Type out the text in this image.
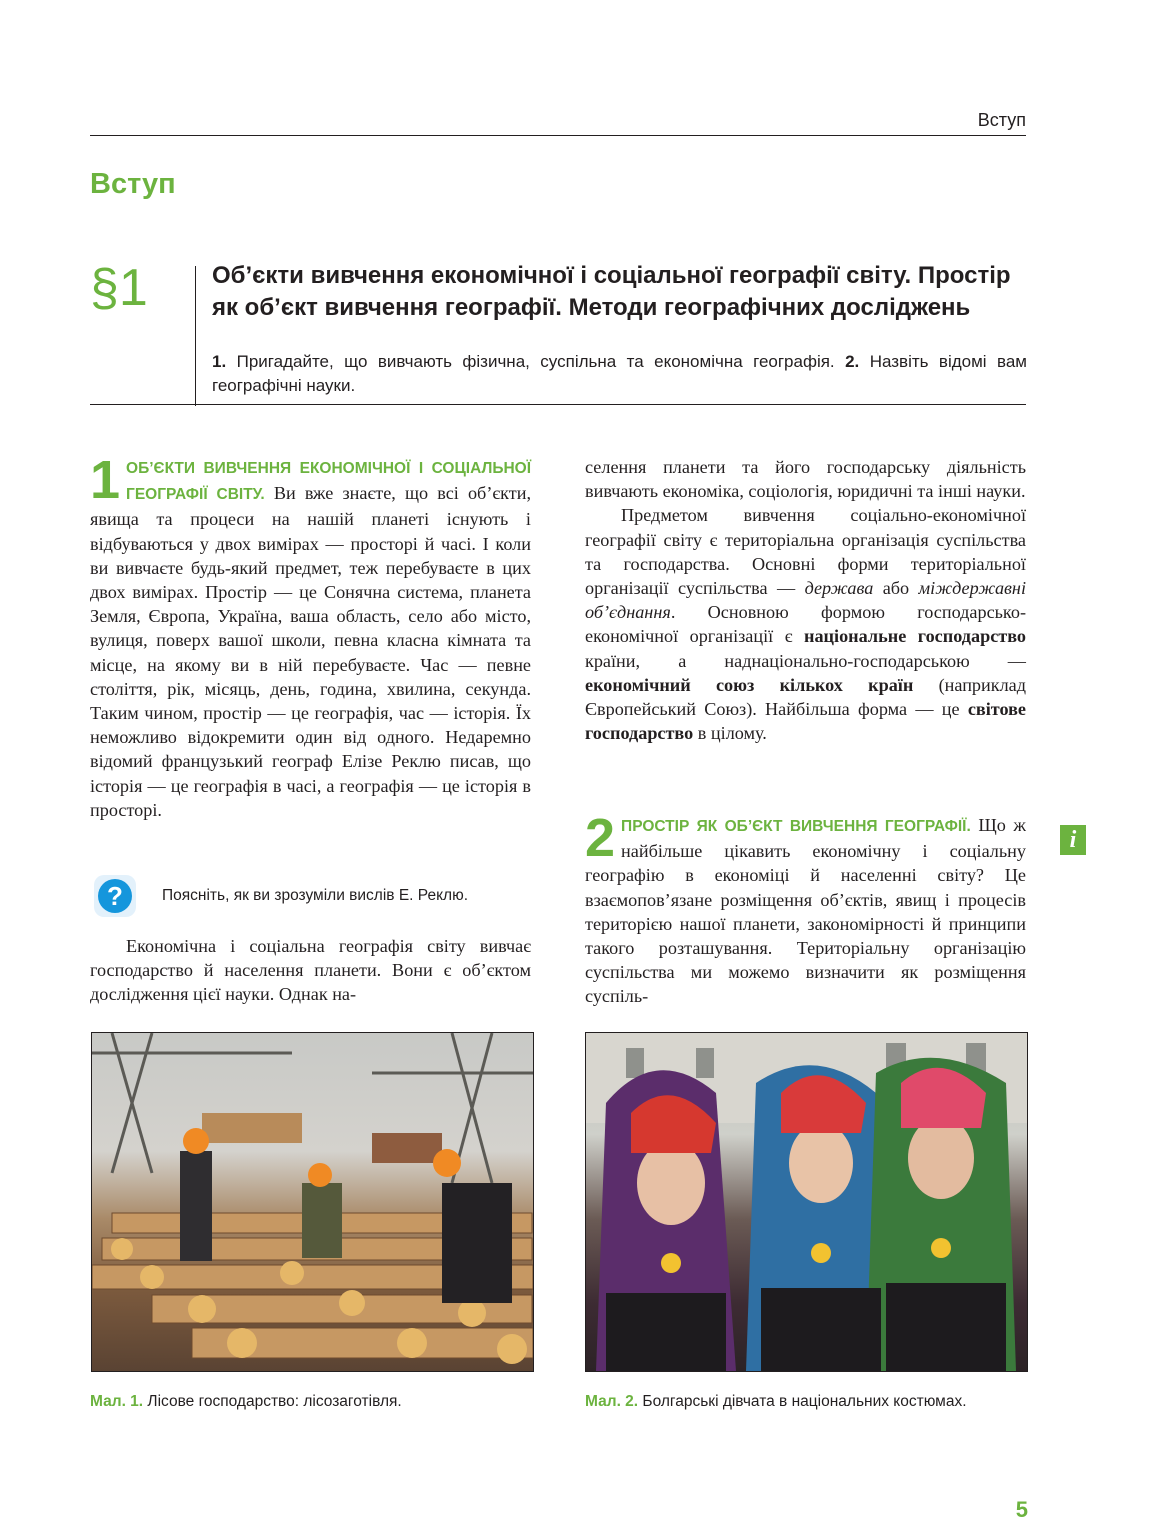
Вступ
Вступ
§1	Об’єкти вивчення економічної і соціальної географії світу. Простір як об’єкт вивчення географії. Методи географічних досліджень
1. Пригадайте, що вивчають фізична, суспільна та економічна географія. 2. Назвіть відомі вам географічні науки.

1 ОБ’ЄКТИ ВИВЧЕННЯ ЕКОНОМІЧНОЇ І СОЦІАЛЬНОЇ ГЕОГРАФІЇ СВІТУ. Ви вже знаєте, що всі об’єкти, явища та процеси на нашій планеті існують і відбуваються у двох вимірах — просторі й часі. І коли ви вивчаєте будь-який предмет, теж перебуваєте в цих двох вимірах. Простір — це Сонячна система, планета Земля, Європа, Україна, ваша область, село або місто, вулиця, поверх вашої школи, певна класна кімната та місце, на якому ви в ній перебуваєте. Час — певне століття, рік, місяць, день, година, хвилина, секунда. Таким чином, простір — це географія, час — історія. Їх неможливо відокремити один від одного. Недаремно відомий французький географ Елізе Реклю писав, що історія — це географія в часі, а географія — це історія в просторі.

?	Поясніть, як ви зрозуміли вислів Е. Реклю.

Економічна і соціальна географія світу вивчає господарство й населення планети. Вони є об’єктом дослідження цієї науки. Однак на-

селення планети та його господарську діяльність вивчають економіка, соціологія, юридичні та інші науки.

Предметом вивчення соціально-економічної географії світу є територіальна організація суспільства та господарства. Основні форми територіальної організації суспільства — держава або міждержавні об’єднання. Основною формою господарсько-економічної організації є національне господарство країни, а наднаціонально-господарською — економічний союз кількох країн (наприклад Європейський Союз). Найбільша форма — це світове господарство в цілому.

2 ПРОСТІР ЯК ОБ’ЄКТ ВИВЧЕННЯ ГЕОГРАФІЇ. Що ж найбільше цікавить економічну і соціальну географію в економіці й населенні світу? Це взаємопов’язане розміщення об’єктів, явищ і процесів територією нашої планети, закономірності й принципи такого розташування. Територіальну організацію суспільства ми можемо визначити як розміщення суспіль-

i
Мал. 1. Лісове господарство: лісозаготівля.	Мал. 2. Болгарські дівчата в національних костюмах.
5
